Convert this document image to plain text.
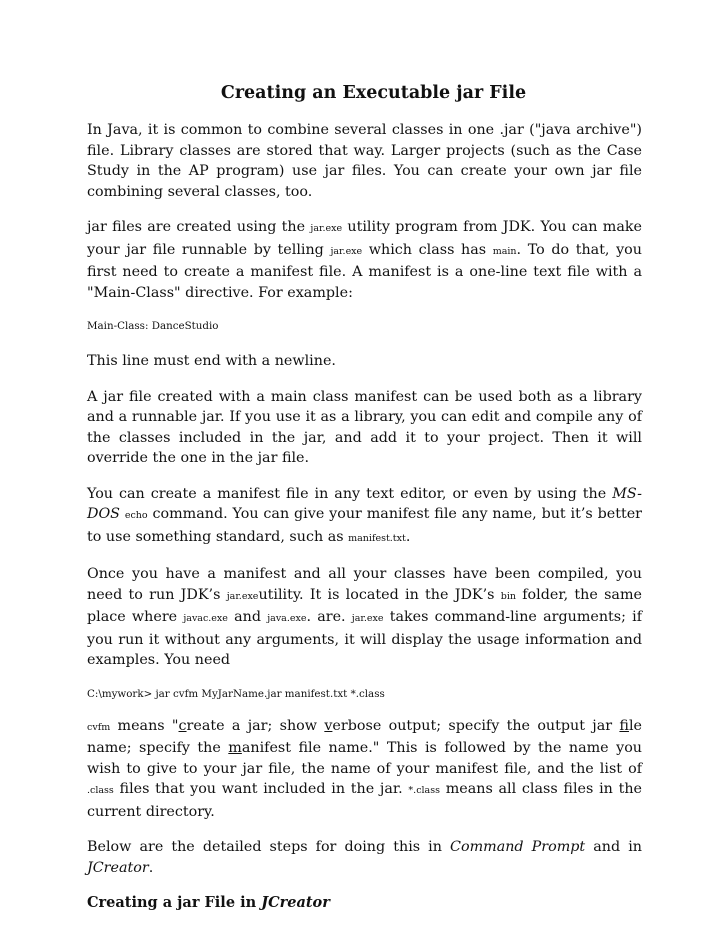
Creating an Executable jar File

In Java, it is common to combine several classes in one .jar ("java archive") file. Library classes are stored that way. Larger projects (such as the Case Study in the AP program) use jar files. You can create your own jar file combining several classes, too.

jar files are created using the jar.exe utility program from JDK. You can make your jar file runnable by telling jar.exe which class has main. To do that, you first need to create a manifest file. A manifest is a one-line text file with a "Main-Class" directive. For example:

Main-Class: DanceStudio

This line must end with a newline.

A jar file created with a main class manifest can be used both as a library and a runnable jar. If you use it as a library, you can edit and compile any of the classes included in the jar, and add it to your project. Then it will override the one in the jar file.

You can create a manifest file in any text editor, or even by using the MS-DOS echo command. You can give your manifest file any name, but it’s better to use something standard, such as manifest.txt.

Once you have a manifest and all your classes have been compiled, you need to run JDK’s jar.exeutility. It is located in the JDK’s bin folder, the same place where javac.exe and java.exe. are. jar.exe takes command-line arguments; if you run it without any arguments, it will display the usage information and examples. You need

C:\mywork> jar cvfm MyJarName.jar manifest.txt *.class

cvfm means "create a jar; show verbose output; specify the output jar file name; specify the manifest file name." This is followed by the name you wish to give to your jar file, the name of your manifest file, and the list of .class files that you want included in the jar. *.class means all class files in the current directory.

Below are the detailed steps for doing this in Command Prompt and in JCreator.

Creating a jar File in JCreator
